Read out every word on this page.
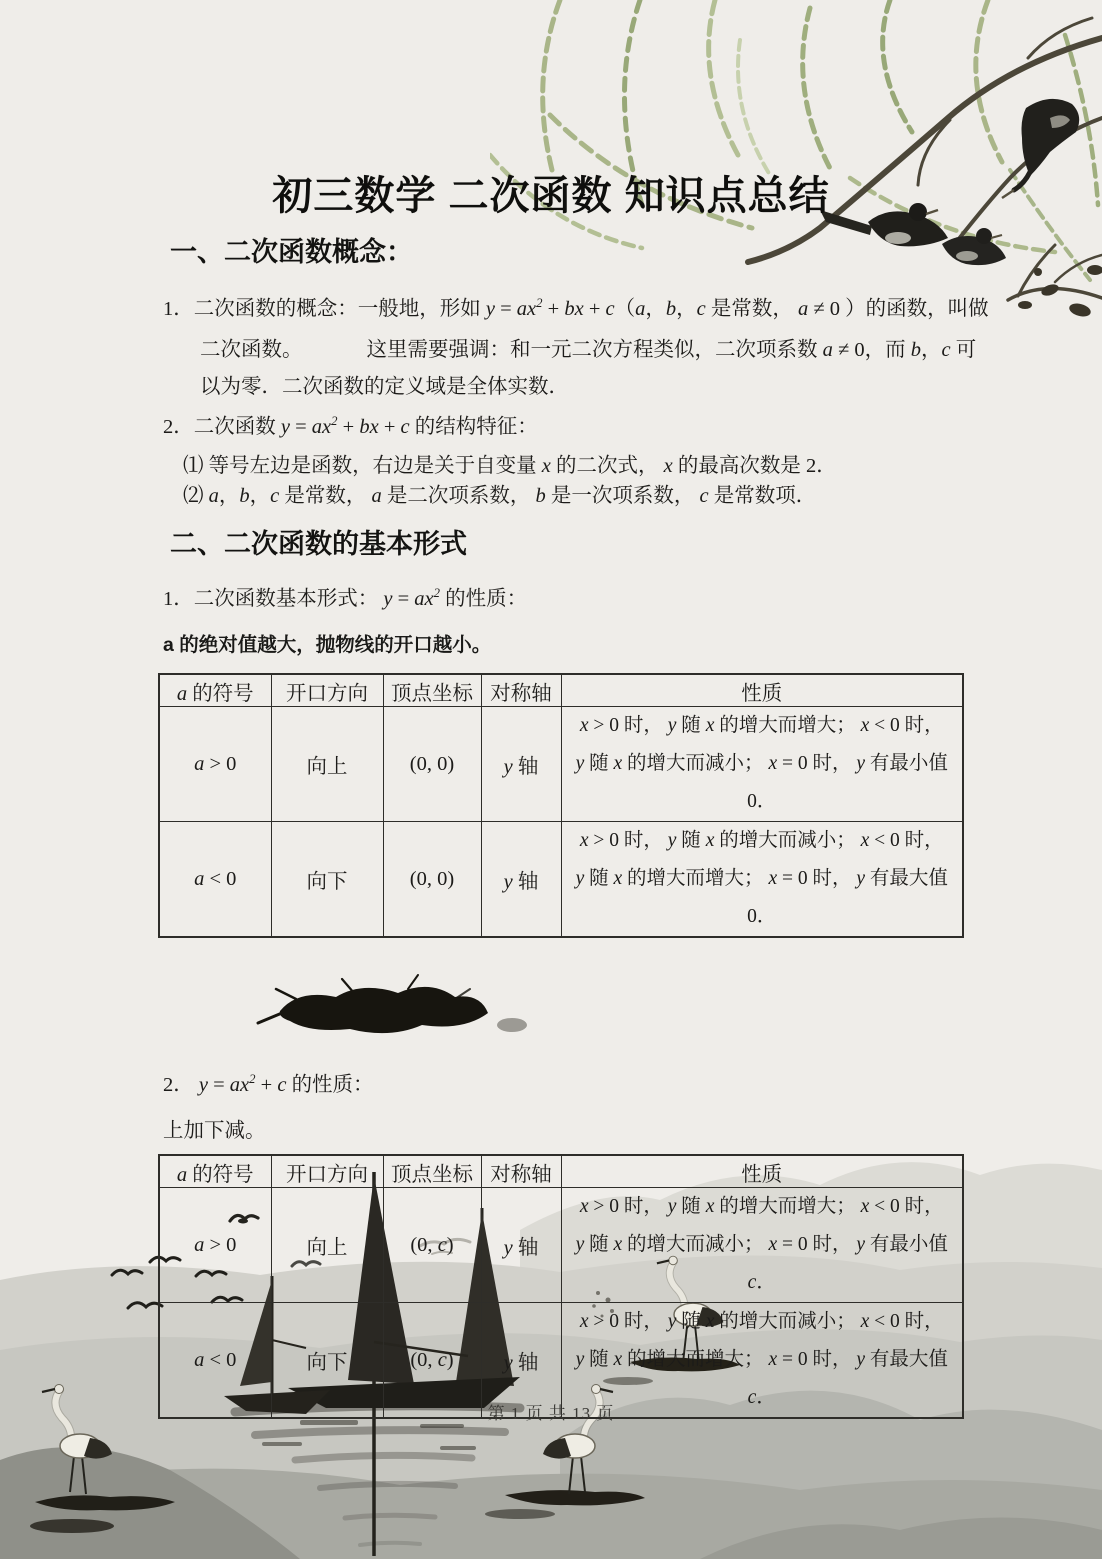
初三数学 二次函数 知识点总结
一、二次函数概念：
1．二次函数的概念：一般地，形如 $y = ax^2$ + bx + c（a，b，c 是常数， a ≠ 0 ）的函数，叫做
二次函数。	这里需要强调：和一元二次方程类似，二次项系数 a ≠ 0，而 b，c 可
以为零．二次函数的定义域是全体实数．
2．二次函数 $y = ax^2$ + bx + c 的结构特征：
⑴ 等号左边是函数，右边是关于自变量 x 的二次式， x 的最高次数是 2．
⑵ a，b，c 是常数， a 是二次项系数， b 是一次项系数， c 是常数项．
二、二次函数的基本形式
1．二次函数基本形式： $y = ax^2$ 的性质：
a 的绝对值越大，抛物线的开口越小。
a 的符号	开口方向	顶点坐标	对称轴	性质
a > 0	向上	(0, 0)	y 轴	x > 0 时， y 随 x 的增大而增大； x < 0 时， y 随 x 的增大而减小； x = 0 时， y 有最小值 0．
a < 0	向下	(0, 0)	y 轴	x > 0 时， y 随 x 的增大而减小； x < 0 时， y 随 x 的增大而增大； x = 0 时， y 有最大值 0．
2． $y = ax^2 + c$ 的性质：
上加下减。
a 的符号	开口方向	顶点坐标	对称轴	性质
a > 0	向上	(0, c)	y 轴	x > 0 时， y 随 x 的增大而增大； x < 0 时， y 随 x 的增大而减小； x = 0 时， y 有最小值 c．
a < 0	向下	(0, c)	y 轴	x > 0 时， y 随 x 的增大而减小； x < 0 时， y 随 x 的增大而增大； x = 0 时， y 有最大值 c．
第 1 页 共 13 页
